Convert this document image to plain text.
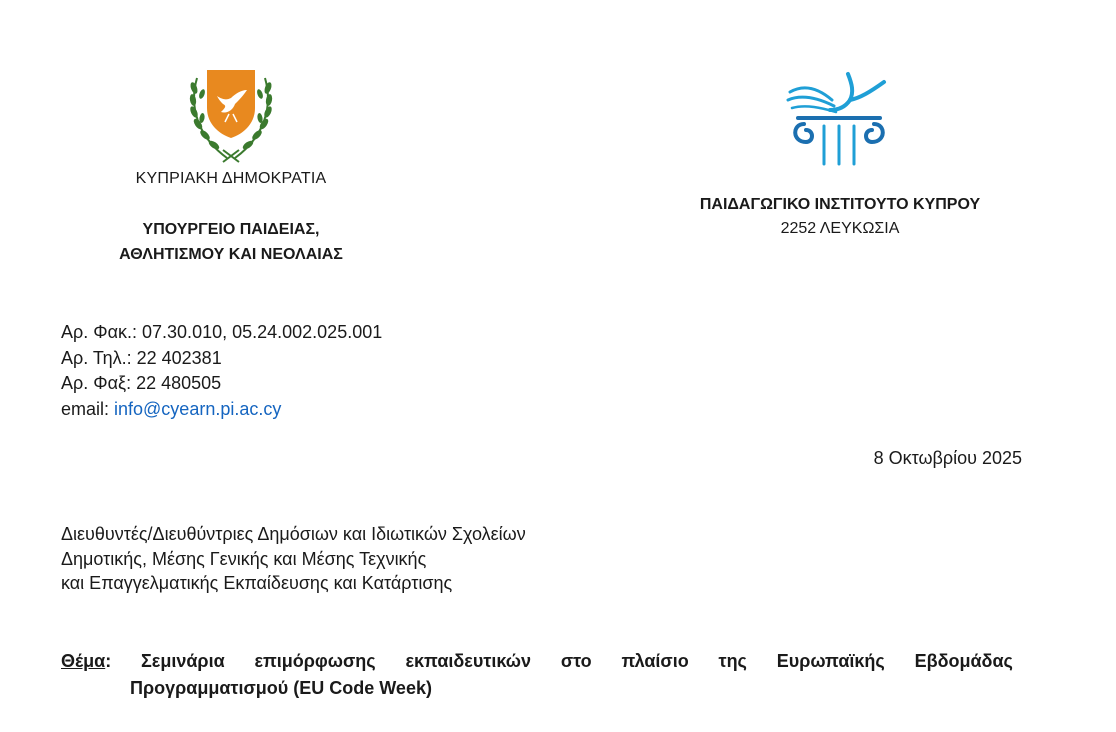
ΚΥΠΡΙΑΚΗ ΔΗΜΟΚΡΑΤΙΑ
ΥΠΟΥΡΓΕΙΟ ΠΑΙΔΕΙΑΣ,
ΑΘΛΗΤΙΣΜΟΥ ΚΑΙ ΝΕΟΛΑΙΑΣ
ΠΑΙΔΑΓΩΓΙΚΟ ΙΝΣΤΙΤΟΥΤΟ ΚΥΠΡΟΥ
2252 ΛΕΥΚΩΣΙΑ
Αρ. Φακ.: 07.30.010, 05.24.002.025.001
Αρ. Τηλ.: 22 402381
Αρ. Φαξ: 22 480505
email: info@cyearn.pi.ac.cy
8 Οκτωβρίου 2025
Διευθυντές/Διευθύντριες Δημόσιων και Ιδιωτικών Σχολείων
Δημοτικής, Μέσης Γενικής και Μέσης Τεχνικής
και Επαγγελματικής Εκπαίδευσης και Κατάρτισης
Θέμα: Σεμινάρια επιμόρφωσης εκπαιδευτικών στο πλαίσιο της Ευρωπαϊκής Εβδομάδας
Προγραμματισμού (EU Code Week)
